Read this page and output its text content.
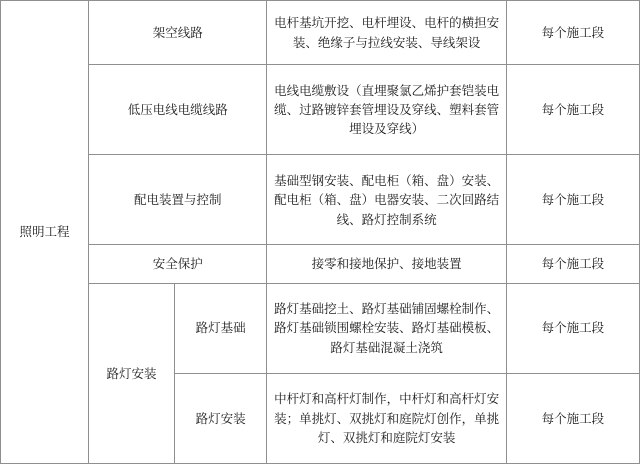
照明工程	架空线路		电杆基坑开挖、电杆埋设、电杆的横担安装、绝缘子与拉线安装、导线架设	每个施工段
	低压电线电缆线路		电线电缆敷设（直埋聚氯乙烯护套铠装电缆、过路镀锌套管埋设及穿线、塑料套管埋设及穿线）	每个施工段
	配电装置与控制		基础型钢安装、配电柜（箱、盘）安装、配电柜（箱、盘）电器安装、二次回路结线、路灯控制系统	每个施工段
	安全保护		接零和接地保护、接地装置	每个施工段
	路灯安装	路灯基础	路灯基础挖土、路灯基础铺固螺栓制作、路灯基础锁围螺栓安装、路灯基础模板、路灯基础混凝土浇筑	每个施工段
		路灯安装	中杆灯和高杆灯制作，中杆灯和高杆灯安装；单挑灯、双挑灯和庭院灯创作，单挑灯、双挑灯和庭院灯安装	每个施工段
